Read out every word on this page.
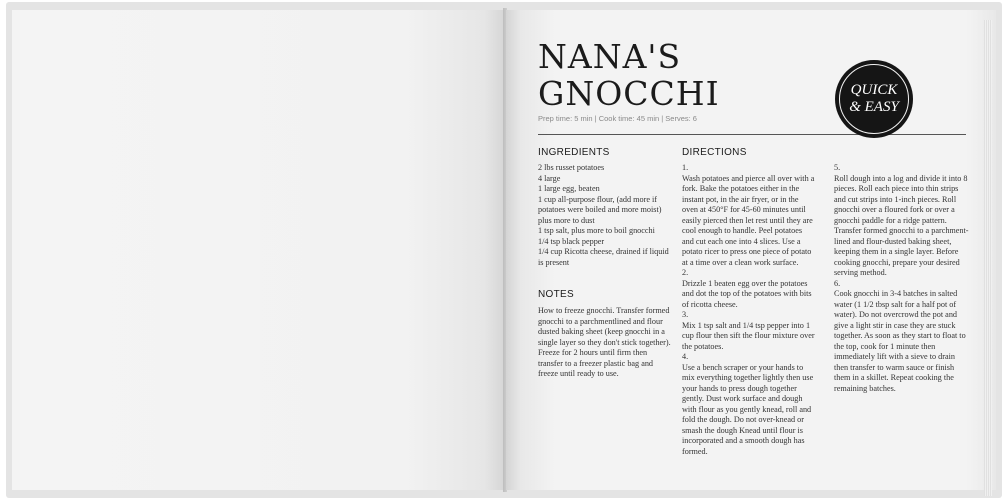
NANA'S
GNOCCHI
Prep time: 5 min | Cook time: 45 min | Serves: 6
QUICK
& EASY
INGREDIENTS
2 lbs russet potatoes
4 large
1 large egg, beaten
1 cup all-purpose flour, (add more if potatoes were boiled and more moist) plus more to dust
1 tsp salt, plus more to boil gnocchi
1/4 tsp black pepper
1/4 cup Ricotta cheese, drained if liquid is present
NOTES
How to freeze gnocchi. Transfer formed gnocchi to a parchmentlined and flour dusted baking sheet (keep gnocchi in a single layer so they don't stick together). Freeze for 2 hours until firm then transfer to a freezer plastic bag and freeze until ready to use.
DIRECTIONS
1.
Wash potatoes and pierce all over with a fork. Bake the potatoes either in the instant pot, in the air fryer, or in the oven at 450°F for 45-60 minutes until easily pierced then let rest until they are cool enough to handle. Peel potatoes and cut each one into 4 slices. Use a potato ricer to press one piece of potato at a time over a clean work surface.
2.
Drizzle 1 beaten egg over the potatoes and dot the top of the potatoes with bits of ricotta cheese.
3.
Mix 1 tsp salt and 1/4 tsp pepper into 1 cup flour then sift the flour mixture over the potatoes.
4.
Use a bench scraper or your hands to mix everything together lightly then use your hands to press dough together gently. Dust work surface and dough with flour as you gently knead, roll and fold the dough. Do not over-knead or smash the dough Knead until flour is incorporated and a smooth dough has formed.
5.
Roll dough into a log and divide it into 8 pieces. Roll each piece into thin strips and cut strips into 1-inch pieces. Roll gnocchi over a floured fork or over a gnocchi paddle for a ridge pattern. Transfer formed gnocchi to a parchment-lined and flour-dusted baking sheet, keeping them in a single layer. Before cooking gnocchi, prepare your desired serving method.
6.
Cook gnocchi in 3-4 batches in salted water (1 1/2 tbsp salt for a half pot of water). Do not overcrowd the pot and give a light stir in case they are stuck together. As soon as they start to float to the top, cook for 1 minute then immediately lift with a sieve to drain then transfer to warm sauce or finish them in a skillet. Repeat cooking the remaining batches.
